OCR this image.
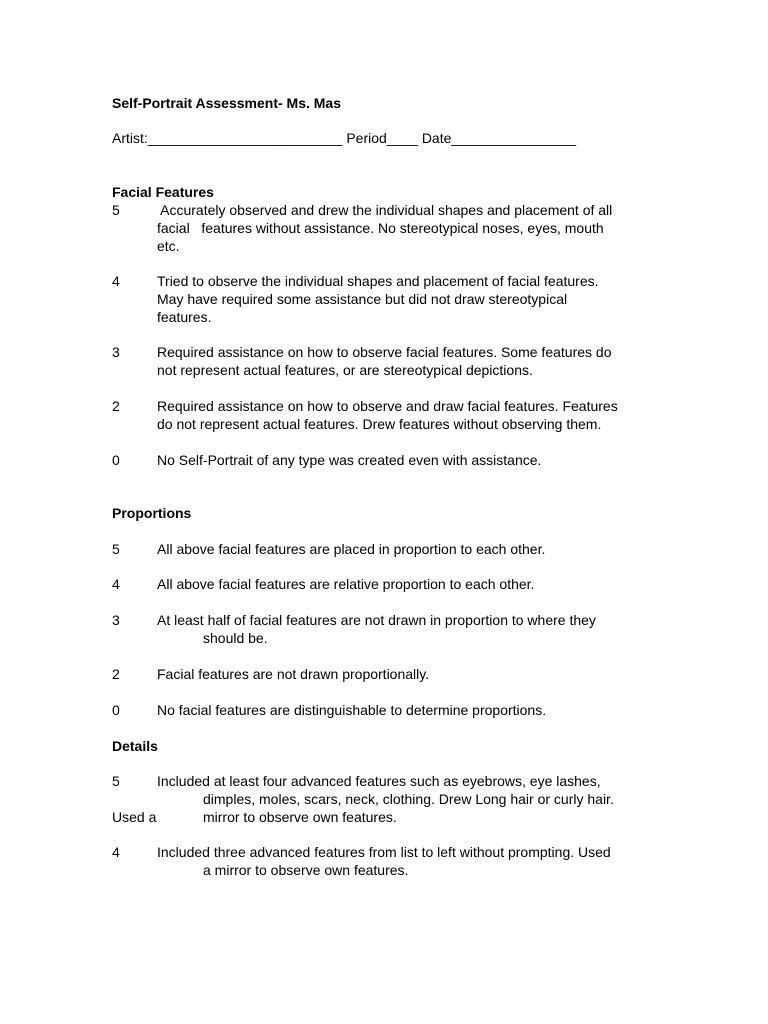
Self-Portrait Assessment- Ms. Mas
Artist:_________________________ Period____ Date________________
Facial Features
5	Accurately observed and drew the individual shapes and placement of all
facial   features without assistance. No stereotypical noses, eyes, mouth
etc.
4	Tried to observe the individual shapes and placement of facial features.
May have required some assistance but did not draw stereotypical
features.
3	Required assistance on how to observe facial features. Some features do
not represent actual features, or are stereotypical depictions.
2	Required assistance on how to observe and draw facial features. Features
do not represent actual features. Drew features without observing them.
0	No Self-Portrait of any type was created even with assistance.
Proportions
5	All above facial features are placed in proportion to each other.
4	All above facial features are relative proportion to each other.
3	At least half of facial features are not drawn in proportion to where they
should be.
2	Facial features are not drawn proportionally.
0	No facial features are distinguishable to determine proportions.
Details
5	Included at least four advanced features such as eyebrows, eye lashes,
dimples, moles, scars, neck, clothing. Drew Long hair or curly hair.
Used a	mirror to observe own features.
4	Included three advanced features from list to left without prompting. Used
a mirror to observe own features.
